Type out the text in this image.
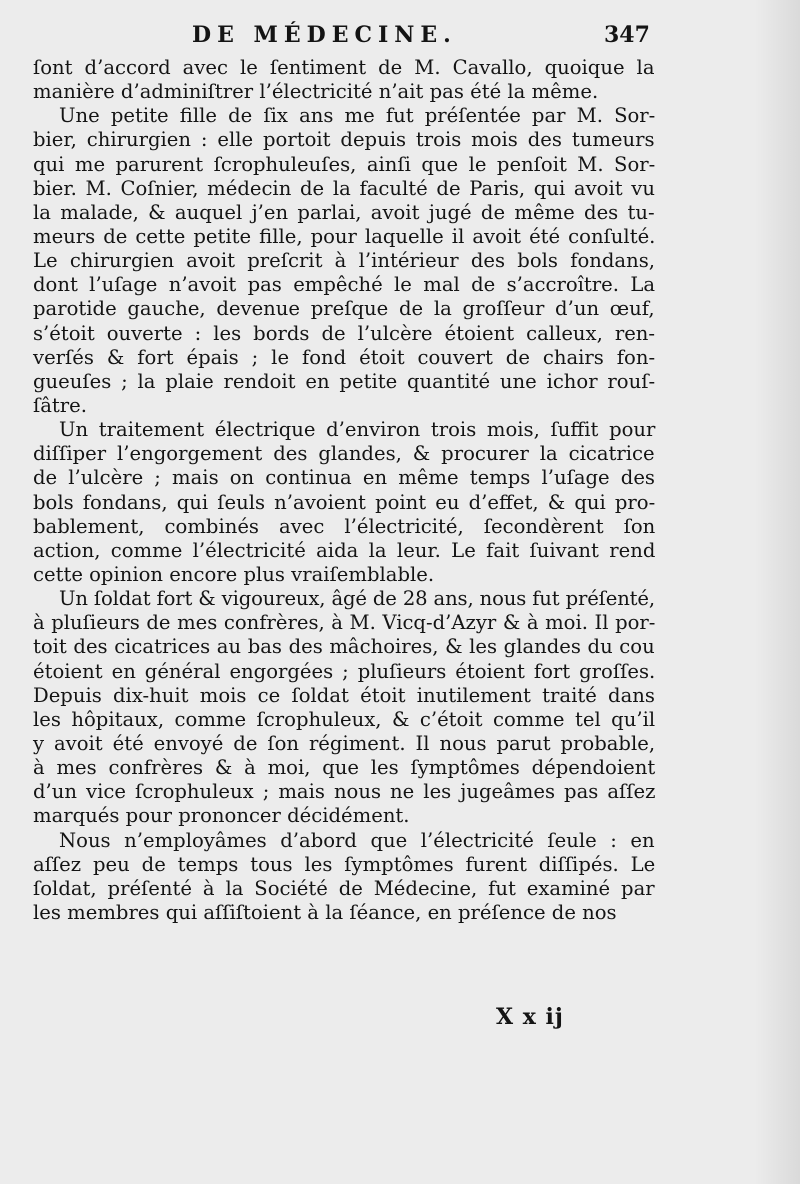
DE MÉDECINE.	347
ſont d’accord avec le ſentiment de M. Cavallo, quoique la
manière d’adminiſtrer l’électricité n’ait pas été la même.
Une petite fille de ſix ans me fut préſentée par M. Sor-
bier, chirurgien : elle portoit depuis trois mois des tumeurs
qui me parurent ſcrophuleuſes, ainſi que le penſoit M. Sor-
bier. M. Coſnier, médecin de la faculté de Paris, qui avoit vu
la malade, & auquel j’en parlai, avoit jugé de même des tu-
meurs de cette petite fille, pour laquelle il avoit été conſulté.
Le chirurgien avoit preſcrit à l’intérieur des bols fondans,
dont l’uſage n’avoit pas empêché le mal de s’accroître. La
parotide gauche, devenue preſque de la groſſeur d’un œuf,
s’étoit ouverte : les bords de l’ulcère étoient calleux, ren-
verſés & fort épais ; le fond étoit couvert de chairs fon-
gueuſes ; la plaie rendoit en petite quantité une ichor rouſ-
ſâtre.
Un traitement électrique d’environ trois mois, ſuffit pour
diſſiper l’engorgement des glandes, & procurer la cicatrice
de l’ulcère ; mais on continua en même temps l’uſage des
bols fondans, qui ſeuls n’avoient point eu d’effet, & qui pro-
bablement, combinés avec l’électricité, ſecondèrent ſon
action, comme l’électricité aida la leur. Le fait ſuivant rend
cette opinion encore plus vraiſemblable.
Un ſoldat fort & vigoureux, âgé de 28 ans, nous fut préſenté,
à pluſieurs de mes confrères, à M. Vicq-d’Azyr & à moi. Il por-
toit des cicatrices au bas des mâchoires, & les glandes du cou
étoient en général engorgées ; pluſieurs étoient fort groſſes.
Depuis dix-huit mois ce ſoldat étoit inutilement traité dans
les hôpitaux, comme ſcrophuleux, & c’étoit comme tel qu’il
y avoit été envoyé de ſon régiment. Il nous parut probable,
à mes confrères & à moi, que les ſymptômes dépendoient
d’un vice ſcrophuleux ; mais nous ne les jugeâmes pas aſſez
marqués pour prononcer décidément.
Nous n’employâmes d’abord que l’électricité ſeule : en
aſſez peu de temps tous les ſymptômes furent diſſipés. Le
ſoldat, préſenté à la Société de Médecine, fut examiné par
les membres qui aſſiſtoient à la ſéance, en préſence de nos
X x ij
